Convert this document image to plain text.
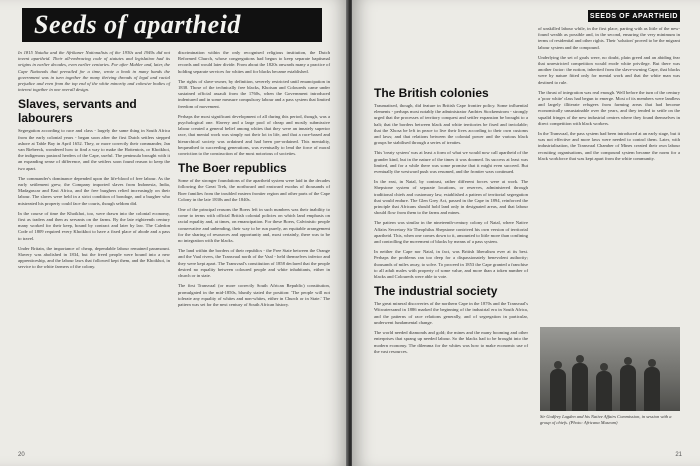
Seeds of apartheid

In 1815 Natalia and the Afrikaner Nationalists of the 1930s and 1940s did not invent apartheid. Their all-embracing code of statutes and legislation had its origins in earlier decades, even earlier centuries. For after Mahler and, later, the Cape Nationals that prevailed for a time, wrote a book in many hands the government was in turn together the many thriving threads of legal and racial prejudice and even from the top end of the white minority and cohesive bodies of interest together in one overall design.

Slaves, servants and labourers

Segregation according to race and class - largely the same thing in South Africa from the early colonial years - began soon after the first Dutch settlers stepped ashore at Table Bay in April 1652. They, or more correctly their commander, Jan van Riebeeck, wondered how to find a way to make the Hottentots, or Khoikhoi, the indigenous pastoral herders of the Cape, useful. The peninsula brought with it an expanding sense of difference, and the settlers soon found reason to keep the two apart.

The commander's dominance depended upon the life-blood of free labour. As the early settlement grew, the Company imported slaves from Indonesia, India, Madagascar and East Africa, and the free burghers relied increasingly on their labour. The slaves were held in a strict condition of bondage, and a burgher who mistreated his property could face the courts, though seldom did.

In the course of time the Khoikhoi, too, were drawn into the colonial economy, first as traders and then as servants on the farms. By the late eighteenth century many worked for their keep, bound by contract and later by law. The Caledon Code of 1809 required every Khoikhoi to have a fixed place of abode and a pass to travel.

Under Britain, the importance of cheap, dependable labour remained paramount. Slavery was abolished in 1834, but the freed people were bound into a new apprenticeship, and the labour laws that followed kept them, and the Khoikhoi, in service to the white farmers of the colony.

discrimination within the only recognised religious institution, the Dutch Reformed Church, whose congregations had begun to keep separate baptismal records and would later divide. From about the 1820s onwards many a practice of holding separate services for whites and for blacks became established.

The rights of slave-owner, by definition, severely restricted until emancipation in 1838. Those of the technically free blacks, Khoisan and Coloureds came under sustained official assault from the 1760s, when the Government introduced indentured and in some measure compulsory labour and a pass system that limited freedom of movement.

Perhaps the most significant development of all during this period, though, was a psychological one. Slavery and a large pool of cheap and mostly submissive labour created a general belief among whites that they were an innately superior race, that menial work was simply not their lot in life, and that a race-based and hierarchical society was ordained and had been pre-ordained. This mentality, bequeathed to succeeding generations, was eventually to lend the force of moral conviction to the construction of the most notorious of societies.

The Boer republics

Some of the stronger foundations of the apartheid system were laid in the decades following the Great Trek, the northward and eastward exodus of thousands of Boer families from the troubled eastern frontier region and other parts of the Cape Colony in the late 1830s and the 1840s.

One of the principal reasons the Boers left in such numbers was their inability to come to terms with official British colonial policies on which land emphasis on racial equality and, at times, on emancipation. For these Boers, Calvinistic people conservative and unbending, their way to be run purely, an equitable arrangement for the sharing of resources and opportunity and, most certainly, there was to be no integration with the blacks.

The land within the borders of their republics - the Free State between the Orange and the Vaal rivers, the Transvaal north of the Vaal - held themselves inferior and they were kept apart. The Transvaal's constitution of 1858 declared that the people desired no equality between coloured people and white inhabitants, either in church or in state.

The first Transvaal (or more correctly South African Republic) constitution, promulgated in the mid-1850s, bluntly stated the position: 'The people will not tolerate any equality of whites and non-whites, either in Church or in State.' The pattern was set for the next century of South African history.

20
SEEDS OF APARTHEID
The British colonies

Traumatised, though, did feature in British Cape frontier policy. Some influential elements - perhaps most notably the administrator Andries Stockenstrom - strongly urged that the processes of territory conquest and settler expansion be brought to a halt; that the borders between black and white territories be fixed and inviolable; that the Xhosa be left in peace to live their lives according to their own customs and laws; and that relations between the colonial power and the various black groups be stabilised through a series of treaties.

This 'treaty system' was at least a form of what we would now call apartheid of the grander kind, but in the nature of the times it was doomed. Its success at least was limited, and for a while there was some promise that it might even succeed. But eventually the westward push was resumed, and the frontier wars continued.

In the east, in Natal, by contrast, rather different forces were at work. The Shepstone system of separate locations, or reserves, administered through traditional chiefs and customary law, established a pattern of territorial segregation that would endure. The Glen Grey Act, passed in the Cape in 1894, reinforced the principle that Africans should hold land only in designated areas, and that labour should flow from them to the farms and mines.

The pattern was similar in the nineteenth-century colony of Natal, where Native Affairs Secretary Sir Theophilus Shepstone contrived his own version of territorial apartheid. This, when one comes down to it, amounted to little more than confining and controlling the movement of blacks by means of a pass system.

In neither the Cape nor Natal, in fact, was British liberalism ever at its best. Perhaps the problems ran too deep for a dispassionately benevolent authority; thousands of miles away, to solve. To proceed in 1853 the Cape granted a franchise to all adult males with property of some value, and more than a token number of blacks and Coloureds were able to vote.

The industrial society

The great mineral discoveries of the northern Cape in the 1870s and the Transvaal's Witwatersrand in 1886 marked the beginning of the industrial era in South Africa, and the patterns of race relations generally, and of segregation in particular, underwent fundamental change.

The world needed diamonds and gold; the mines and the many booming and other enterprises that sprang up needed labour. So the blacks had to be brought into the modern economy. The dilemma for the whites was how to make economic use of the vast resources.

of unskilled labour while, in the first place, parting with as little of the new-found wealth as possible and, in the second, ensuring the very minimum in terms of residential and other rights. Their 'solution' proved to be the migrant labour system and the compound.

Underlying the set of goals were, no doubt, plain greed and an abiding fear that unrestricted competition would erode white privilege. But there was another factor: the notion, inherited from the slave-owning Cape, that blacks were by nature fitted only for menial work and that the white man was destined to rule.

The thrust of integration was real enough. Well before the turn of the century a 'poor white' class had begun to emerge. Most of its members were landless and largely illiterate refugees from farming areas that had become economically unsustainable over the years, and they tended to settle on the squalid fringes of the new industrial centres where they found themselves in direct competition with black workers.

In the Transvaal, the pass system had been introduced at an early stage, but it was not effective and more laws were needed to control them. Later, with industrialisation, the Transvaal Chamber of Mines created their own labour recruiting organisations, and the compound system became the norm for a black workforce that was kept apart from the white community.

Sir Godfrey Lagden and his Native Affairs Commission, in session with a group of chiefs. (Photo: Africana Museum)
21
